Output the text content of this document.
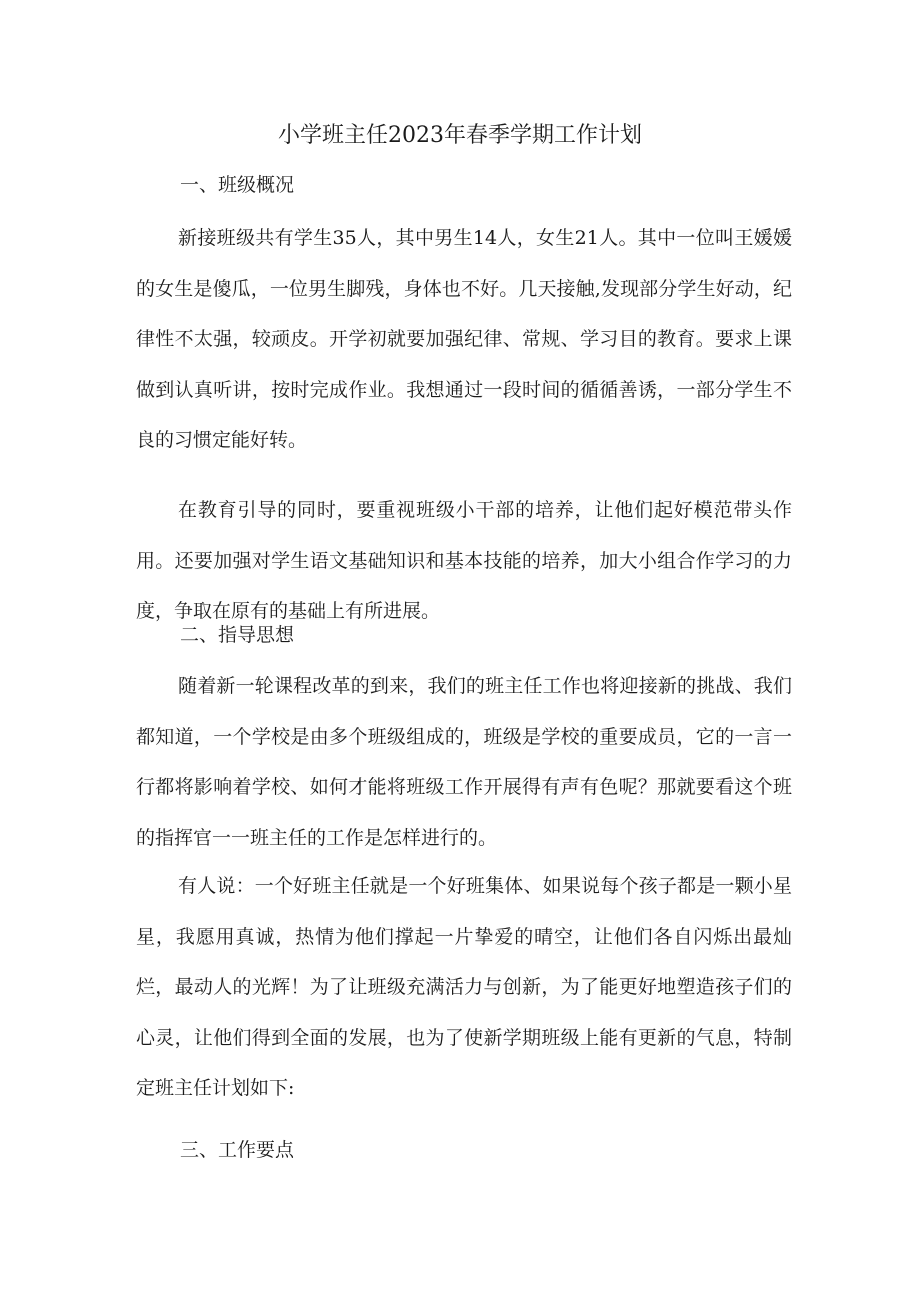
小学班主任2023年春季学期工作计划
一、班级概况

新接班级共有学生35人，其中男生14人，女生21人。其中一位叫王媛媛的女生是傻瓜，一位男生脚残，身体也不好。几天接触,发现部分学生好动，纪律性不太强，较顽皮。开学初就要加强纪律、常规、学习目的教育。要求上课做到认真听讲，按时完成作业。我想通过一段时间的循循善诱，一部分学生不良的习惯定能好转。

在教育引导的同时，要重视班级小干部的培养，让他们起好模范带头作用。还要加强对学生语文基础知识和基本技能的培养，加大小组合作学习的力度，争取在原有的基础上有所进展。

二、指导思想

随着新一轮课程改革的到来，我们的班主任工作也将迎接新的挑战、我们都知道，一个学校是由多个班级组成的，班级是学校的重要成员，它的一言一行都将影响着学校、如何才能将班级工作开展得有声有色呢？那就要看这个班的指挥官一一班主任的工作是怎样进行的。

有人说：一个好班主任就是一个好班集体、如果说每个孩子都是一颗小星星，我愿用真诚，热情为他们撑起一片挚爱的晴空，让他们各自闪烁出最灿烂，最动人的光辉！为了让班级充满活力与创新，为了能更好地塑造孩子们的心灵，让他们得到全面的发展，也为了使新学期班级上能有更新的气息，特制定班主任计划如下:

三、工作要点
